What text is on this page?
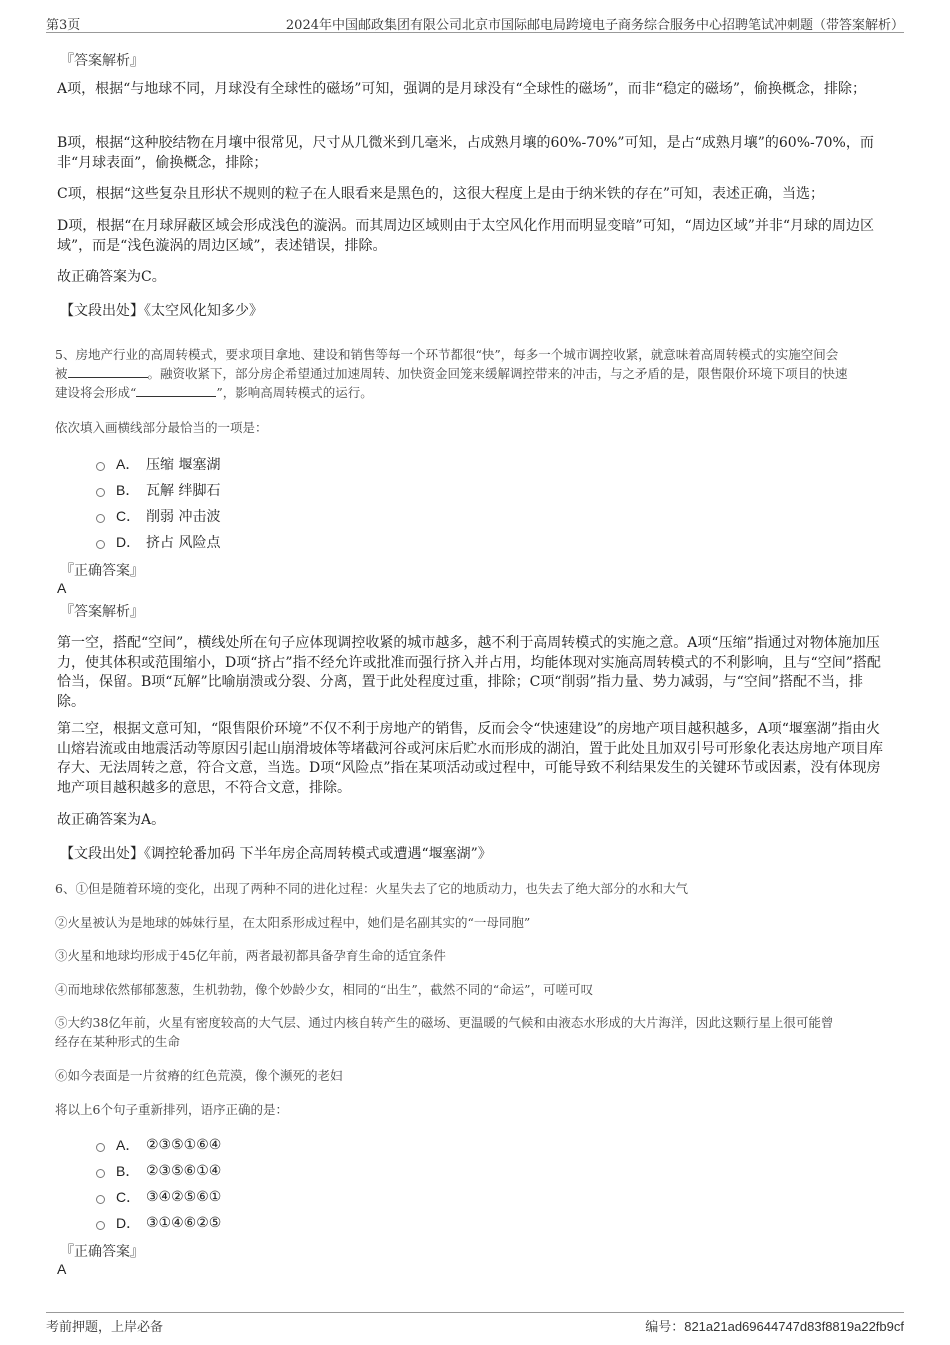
第3页	2024年中国邮政集团有限公司北京市国际邮电局跨境电子商务综合服务中心招聘笔试冲刺题（带答案解析）
『答案解析』
A项，根据“与地球不同，月球没有全球性的磁场”可知，强调的是月球没有“全球性的磁场”，而非“稳定的磁场”，偷换概念，排除；
B项，根据“这种胶结物在月壤中很常见，尺寸从几微米到几毫米，占成熟月壤的60%-70%”可知，是占“成熟月壤”的60%-70%，而非“月球表面”，偷换概念，排除；
C项，根据“这些复杂且形状不规则的粒子在人眼看来是黑色的，这很大程度上是由于纳米铁的存在”可知，表述正确，当选；
D项，根据“在月球屏蔽区域会形成浅色的漩涡。而其周边区域则由于太空风化作用而明显变暗”可知，“周边区域”并非“月球的周边区域”，而是“浅色漩涡的周边区域”，表述错误，排除。
故正确答案为C。
【文段出处】《太空风化知多少》
5、房地产行业的高周转模式，要求项目拿地、建设和销售等每一个环节都很“快”，每多一个城市调控收紧，就意味着高周转模式的实施空间会
被	。融资收紧下，部分房企希望通过加速周转、加快资金回笼来缓解调控带来的冲击，与之矛盾的是，限售限价环境下项目的快速
建设将会形成“	”，影响高周转模式的运行。
依次填入画横线部分最恰当的一项是：
A． 压缩 堰塞湖
B． 瓦解 绊脚石
C． 削弱 冲击波
D． 挤占 风险点
『正确答案』
A
『答案解析』
第一空，搭配“空间”，横线处所在句子应体现调控收紧的城市越多，越不利于高周转模式的实施之意。A项“压缩”指通过对物体施加压力，使其体积或范围缩小，D项“挤占”指不经允许或批准而强行挤入并占用，均能体现对实施高周转模式的不利影响，且与“空间”搭配恰当，保留。B项“瓦解”比喻崩溃或分裂、分离，置于此处程度过重，排除；C项“削弱”指力量、势力减弱，与“空间”搭配不当，排除。
第二空，根据文意可知，“限售限价环境”不仅不利于房地产的销售，反而会令“快速建设”的房地产项目越积越多，A项“堰塞湖”指由火山熔岩流或由地震活动等原因引起山崩滑坡体等堵截河谷或河床后贮水而形成的湖泊，置于此处且加双引号可形象化表达房地产项目库存大、无法周转之意，符合文意，当选。D项“风险点”指在某项活动或过程中，可能导致不利结果发生的关键环节或因素，没有体现房地产项目越积越多的意思，不符合文意，排除。
故正确答案为A。
【文段出处】《调控轮番加码 下半年房企高周转模式或遭遇“堰塞湖”》
6、①但是随着环境的变化，出现了两种不同的进化过程：火星失去了它的地质动力，也失去了绝大部分的水和大气
②火星被认为是地球的姊妹行星，在太阳系形成过程中，她们是名副其实的“一母同胞”
③火星和地球均形成于45亿年前，两者最初都具备孕育生命的适宜条件
④而地球依然郁郁葱葱，生机勃勃，像个妙龄少女，相同的“出生”，截然不同的“命运”，可嗟可叹
⑤大约38亿年前，火星有密度较高的大气层、通过内核自转产生的磁场、更温暖的气候和由液态水形成的大片海洋，因此这颗行星上很可能曾
经存在某种形式的生命
⑥如今表面是一片贫瘠的红色荒漠，像个濒死的老妇
将以上6个句子重新排列，语序正确的是：
A． ②③⑤①⑥④
B． ②③⑤⑥①④
C． ③④②⑤⑥①
D． ③①④⑥②⑤
『正确答案』
A
考前押题，上岸必备	编号：821a21ad69644747d83f8819a22fb9cf
